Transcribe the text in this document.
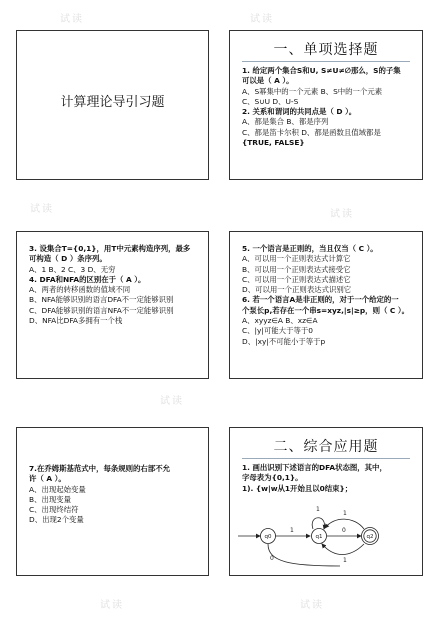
试读	试读
试读	试读
试读
试读	试读
计算理论导引习题
一、单项选择题
1. 给定两个集合S和U, S≠U≠∅那么，S的子集
可以是（ A ）。
A、S幂集中的一个元素 B、S中的一个元素
C、S∪U D、U-S
2. 关系和谓词的共同点是（ D ）。
A、都是集合 B、都是序列
C、都是笛卡尔积 D、都是函数且值域都是
{TRUE, FALSE}
3. 设集合T={0,1}，用T中元素构造序列，最多
可构造（ D ）条序列。
A、1 B、2 C、3 D、无穷
4. DFA和NFA的区别在于（ A ）。
A、两者的转移函数的值域不同
B、NFA能够识别的语言DFA不一定能够识别
C、DFA能够识别的语言NFA不一定能够识别
D、NFA比DFA多拥有一个栈
5. 一个语言是正则的，当且仅当（ C ）。
A、可以用一个正则表达式计算它
B、可以用一个正则表达式接受它
C、可以用一个正则表达式描述它
D、可以用一个正则表达式识别它
6. 若一个语言A是非正则的，对于一个给定的一
个泵长p,若存在一个串s=xyz,|s|≥p，则（ C ）。
A、xyyz∈A B、xz∈A
C、|y|可能大于等于0
D、|xy|不可能小于等于p
7.在乔姆斯基范式中，每条规则的右部不允
许（ A ）。
A、出现起始变量
B、出现变量
C、出现终结符
D、出现2个变量
二、综合应用题
1. 画出识别下述语言的DFA状态图，其中，
字母表为{0,1}。
1). {w|w从1开始且以0结束}；
1
0
1
0
1
1
q0	q1	q2
